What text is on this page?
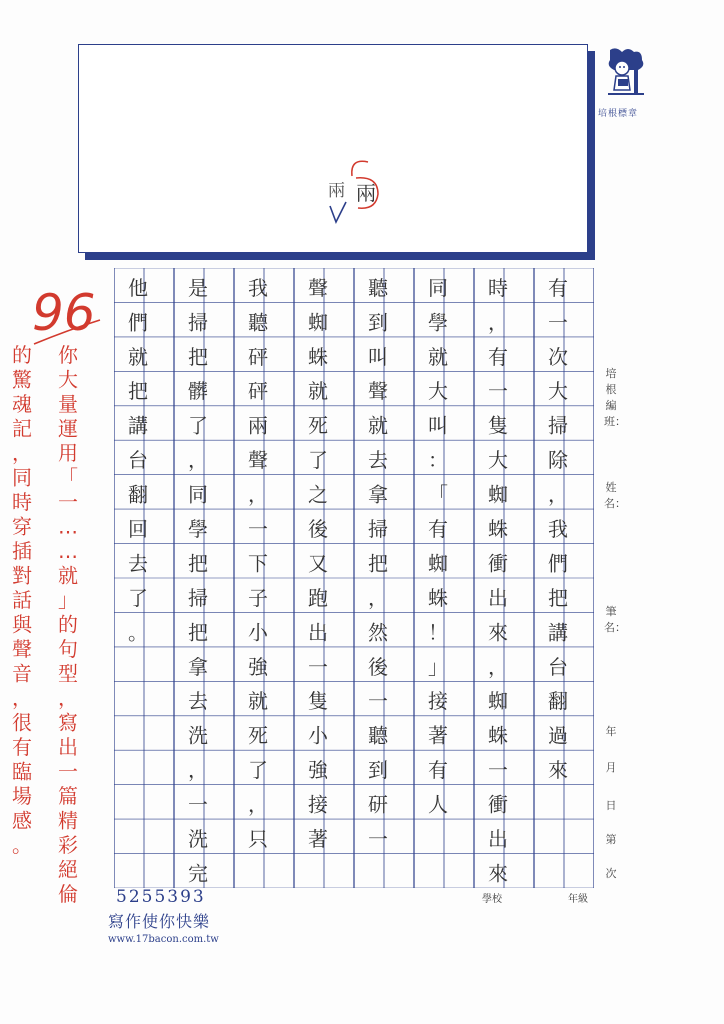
培根標章
兩 兩
有
一
次
大
掃
除
，
我
們
把
講
台
翻
過
來
時
，
有
一
隻
大
蜘
蛛
衝
出
來
，
蜘
蛛
一
衝
出
來
同
學
就
大
叫
：
「
有
蜘
蛛
！
」
接
著
有
人
聽
到
叫
聲
就
去
拿
掃
把
，
然
後
一
聽
到
研
一
聲
蜘
蛛
就
死
了
之
後
又
跑
出
一
隻
小
強
接
著
我
聽
砰
砰
兩
聲
，
一
下
子
小
強
就
死
了
，
只
是
掃
把
髒
了
，
同
學
把
掃
把
拿
去
洗
，
一
洗
完
他
們
就
把
講
台
翻
回
去
了
。
96
你
大
量
運
用
「
一
…
…
就
」
的
句
型
，
寫
出
一
篇
精
彩
絕
倫
的
驚
魂
記
，
同
時
穿
插
對
話
與
聲
音
，
很
有
臨
場
感
。
培根編班：
姓名：
筆名：
年
月
日
第
次
學校	年級
5255393
寫作使你快樂
www.17bacon.com.tw
